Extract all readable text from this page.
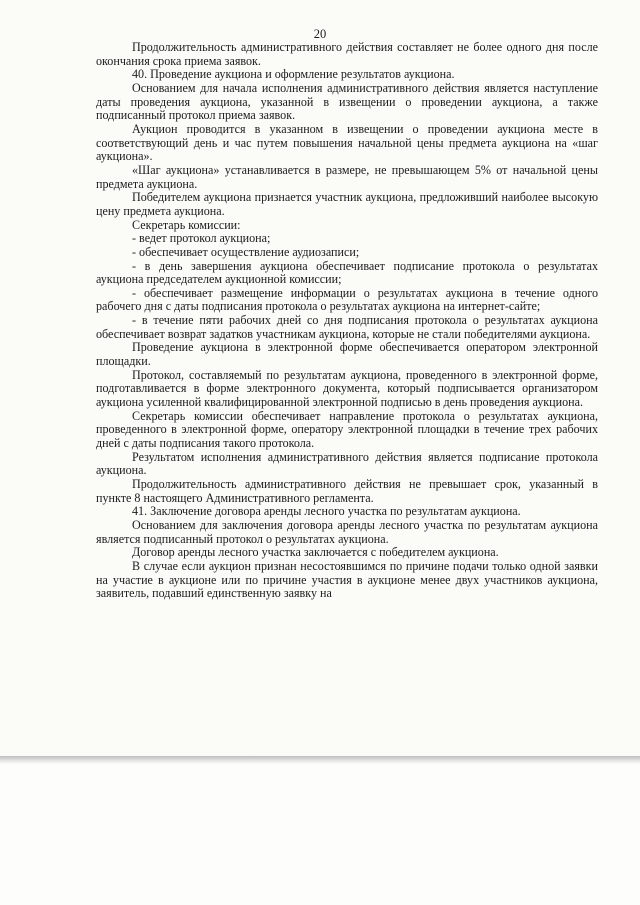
20

Продолжительность административного действия составляет не более одного дня после окончания срока приема заявок.

40. Проведение аукциона и оформление результатов аукциона.

Основанием для начала исполнения административного действия является наступление даты проведения аукциона, указанной в извещении о проведении аукциона, а также подписанный протокол приема заявок.

Аукцион проводится в указанном в извещении о проведении аукциона месте в соответствующий день и час путем повышения начальной цены предмета аукциона на «шаг аукциона».

«Шаг аукциона» устанавливается в размере, не превышающем 5% от начальной цены предмета аукциона.

Победителем аукциона признается участник аукциона, предложивший наиболее высокую цену предмета аукциона.

Секретарь комиссии:

- ведет протокол аукциона;

- обеспечивает осуществление аудиозаписи;

- в день завершения аукциона обеспечивает подписание протокола о результатах аукциона председателем аукционной комиссии;

- обеспечивает размещение информации о результатах аукциона в течение одного рабочего дня с даты подписания протокола о результатах аукциона на интернет-сайте;

- в течение пяти рабочих дней со дня подписания протокола о результатах аукциона обеспечивает возврат задатков участникам аукциона, которые не стали победителями аукциона.

Проведение аукциона в электронной форме обеспечивается оператором электронной площадки.

Протокол, составляемый по результатам аукциона, проведенного в электронной форме, подготавливается в форме электронного документа, который подписывается организатором аукциона усиленной квалифицированной электронной подписью в день проведения аукциона.

Секретарь комиссии обеспечивает направление протокола о результатах аукциона, проведенного в электронной форме, оператору электронной площадки в течение трех рабочих дней с даты подписания такого протокола.

Результатом исполнения административного действия является подписание протокола аукциона.

Продолжительность административного действия не превышает срок, указанный в пункте 8 настоящего Административного регламента.

41. Заключение договора аренды лесного участка по результатам аукциона.

Основанием для заключения договора аренды лесного участка по результатам аукциона является подписанный протокол о результатах аукциона.

Договор аренды лесного участка заключается с победителем аукциона.

В случае если аукцион признан несостоявшимся по причине подачи только одной заявки на участие в аукционе или по причине участия в аукционе менее двух участников аукциона, заявитель, подавший единственную заявку на
